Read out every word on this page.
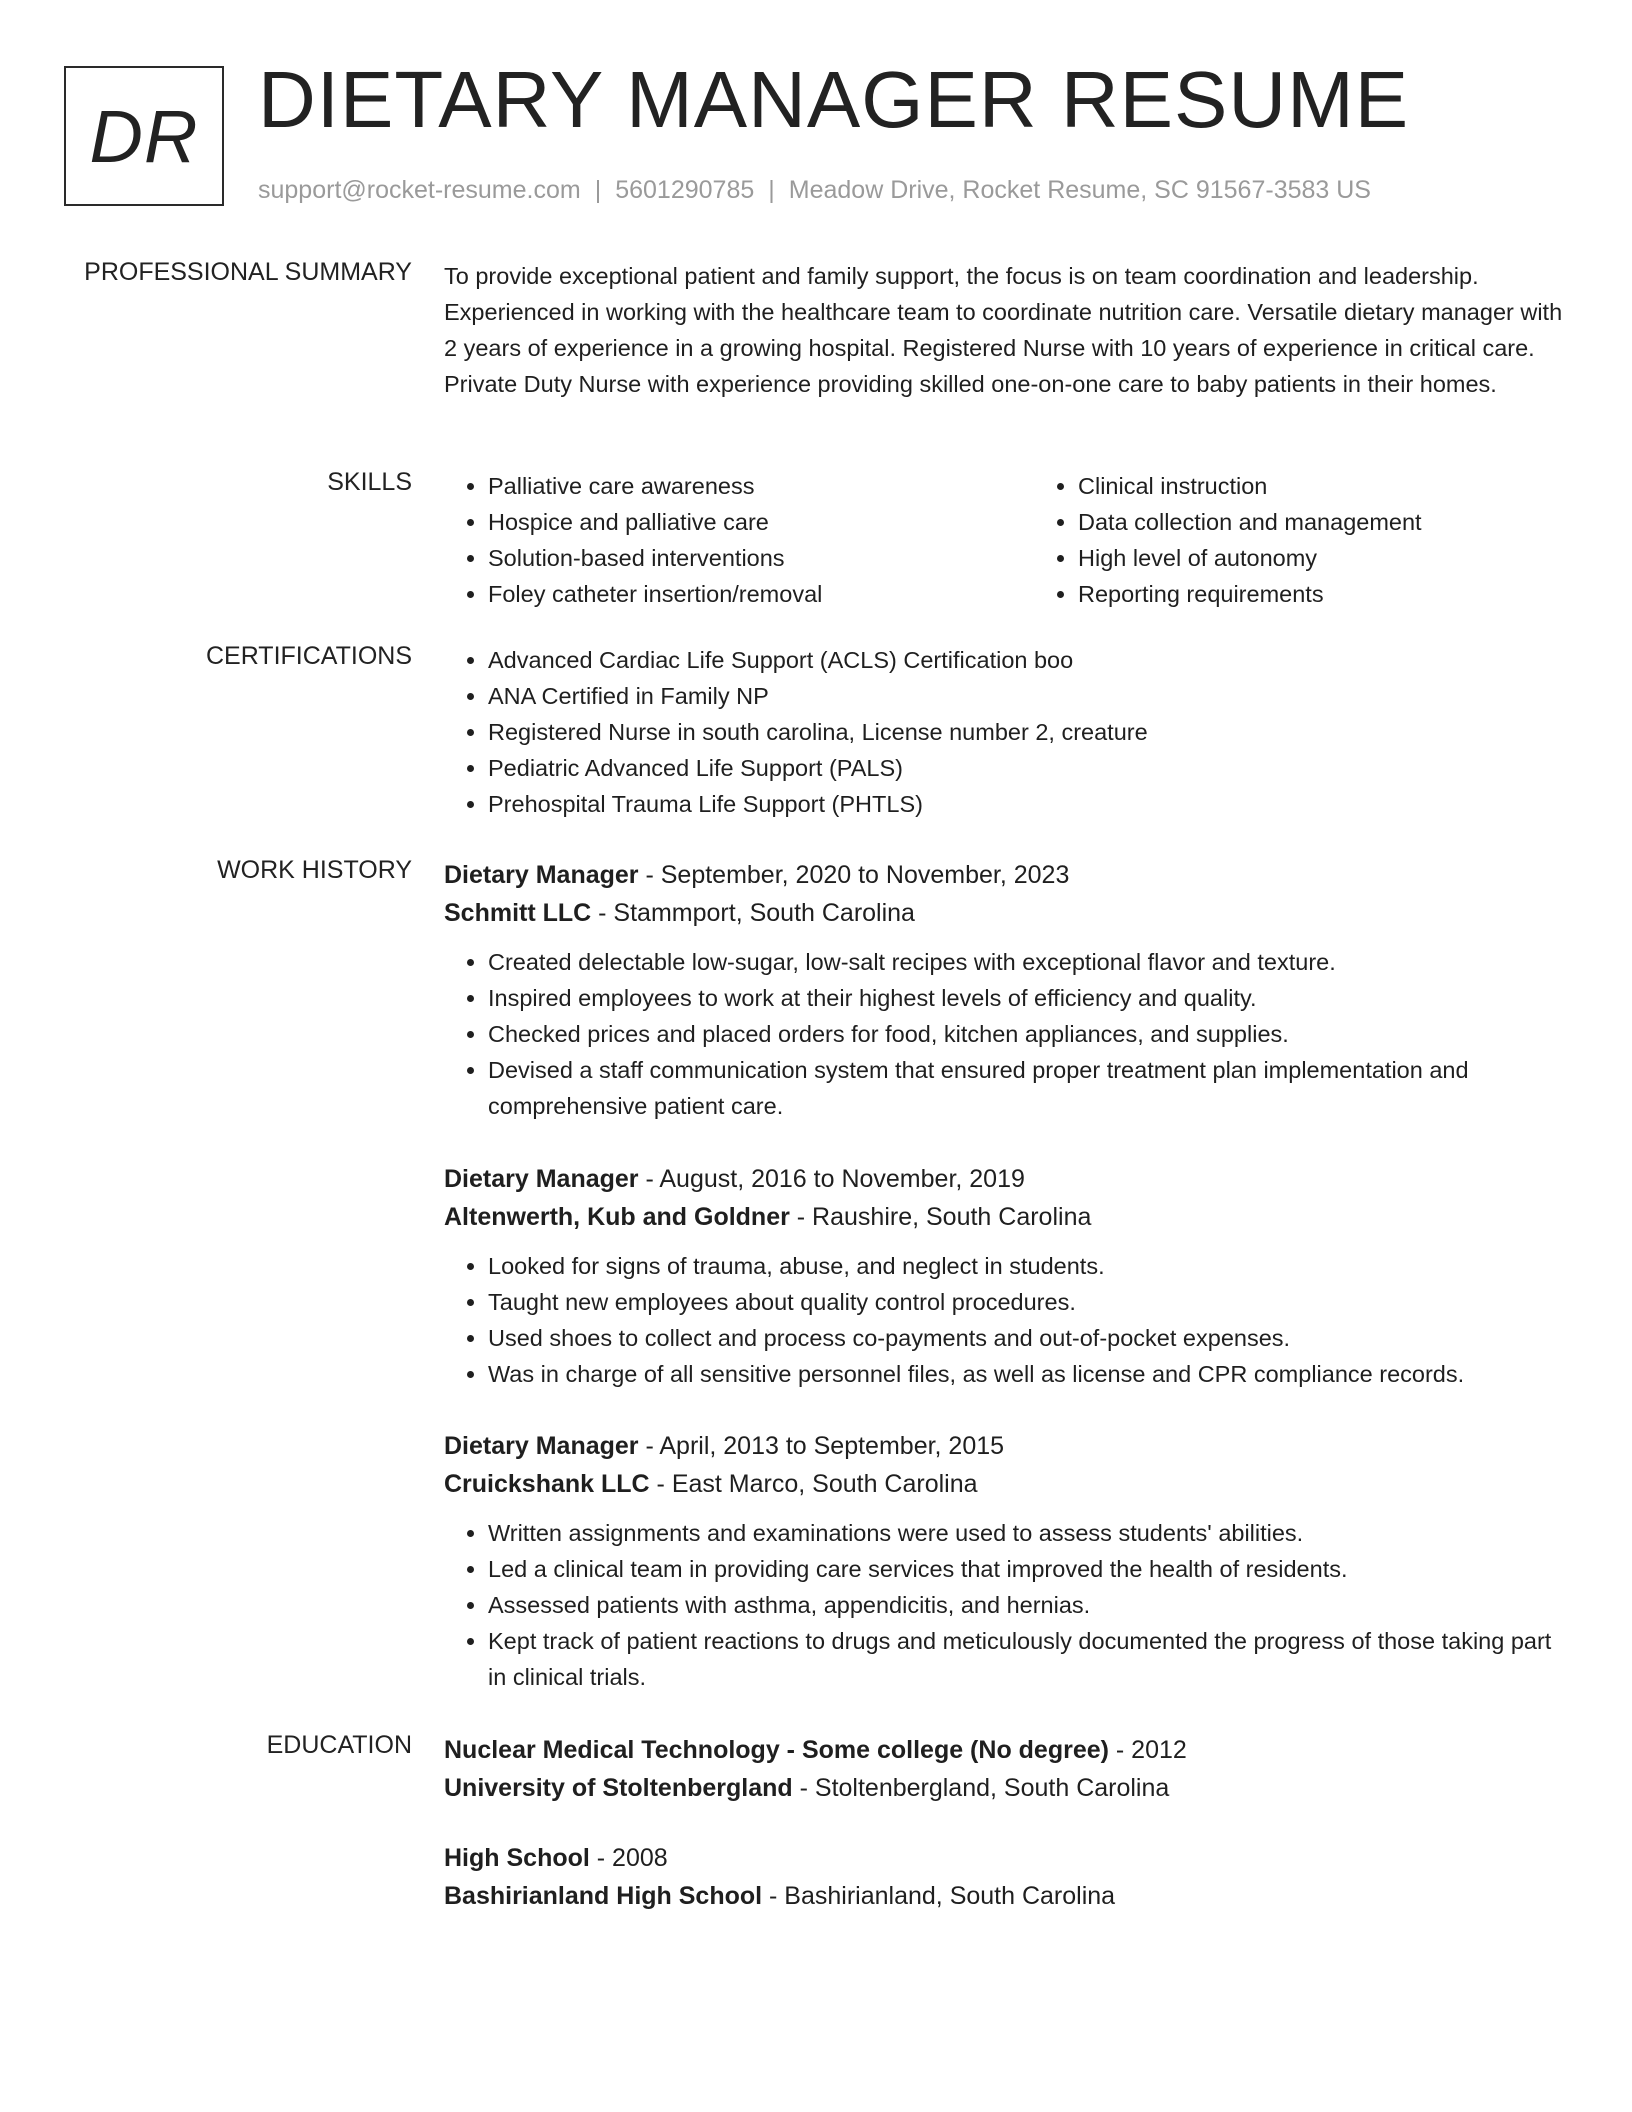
DR DIETARY MANAGER RESUME
support@rocket-resume.com | 5601290785 | Meadow Drive, Rocket Resume, SC 91567-3583 US
PROFESSIONAL SUMMARY To provide exceptional patient and family support, the focus is on team coordination and leadership. Experienced in working with the healthcare team to coordinate nutrition care. Versatile dietary manager with 2 years of experience in a growing hospital. Registered Nurse with 10 years of experience in critical care. Private Duty Nurse with experience providing skilled one-on-one care to baby patients in their homes.
SKILLS	• Palliative care awareness
• Hospice and palliative care
• Solution-based interventions
• Foley catheter insertion/removal
• Clinical instruction
• Data collection and management
• High level of autonomy
• Reporting requirements
CERTIFICATIONS	• Advanced Cardiac Life Support (ACLS) Certification boo
• ANA Certified in Family NP
• Registered Nurse in south carolina, License number 2, creature
• Pediatric Advanced Life Support (PALS)
• Prehospital Trauma Life Support (PHTLS)
WORK HISTORY Dietary Manager - September, 2020 to November, 2023
Schmitt LLC - Stammport, South Carolina
• Created delectable low-sugar, low-salt recipes with exceptional flavor and texture.
• Inspired employees to work at their highest levels of efficiency and quality.
• Checked prices and placed orders for food, kitchen appliances, and supplies.
• Devised a staff communication system that ensured proper treatment plan implementation and comprehensive patient care.
Dietary Manager - August, 2016 to November, 2019
Altenwerth, Kub and Goldner - Raushire, South Carolina
• Looked for signs of trauma, abuse, and neglect in students.
• Taught new employees about quality control procedures.
• Used shoes to collect and process co-payments and out-of-pocket expenses.
• Was in charge of all sensitive personnel files, as well as license and CPR compliance records.
Dietary Manager - April, 2013 to September, 2015
Cruickshank LLC - East Marco, South Carolina
• Written assignments and examinations were used to assess students' abilities.
• Led a clinical team in providing care services that improved the health of residents.
• Assessed patients with asthma, appendicitis, and hernias.
• Kept track of patient reactions to drugs and meticulously documented the progress of those taking part in clinical trials.
EDUCATION Nuclear Medical Technology - Some college (No degree) - 2012
University of Stoltenbergland - Stoltenbergland, South Carolina
High School - 2008
Bashirianland High School - Bashirianland, South Carolina
